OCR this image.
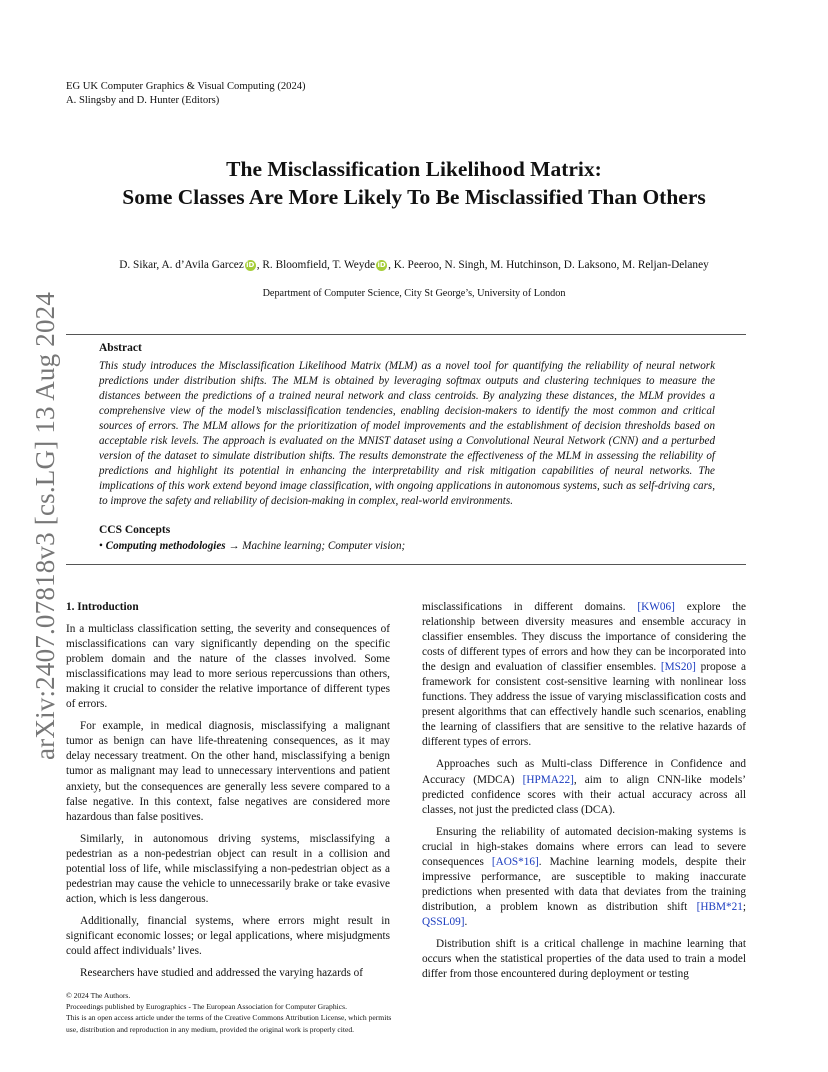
EG UK Computer Graphics & Visual Computing (2024)
A. Slingsby and D. Hunter (Editors)
The Misclassification Likelihood Matrix:
Some Classes Are More Likely To Be Misclassified Than Others
D. Sikar, A. d’Avila Garcez iD , R. Bloomfield, T. Weyde iD , K. Peeroo, N. Singh, M. Hutchinson, D. Laksono, M. Reljan-Delaney
Department of Computer Science, City St George’s, University of London
Abstract
This study introduces the Misclassification Likelihood Matrix (MLM) as a novel tool for quantifying the reliability of neural network predictions under distribution shifts. The MLM is obtained by leveraging softmax outputs and clustering techniques to measure the distances between the predictions of a trained neural network and class centroids. By analyzing these distances, the MLM provides a comprehensive view of the model’s misclassification tendencies, enabling decision-makers to identify the most common and critical sources of errors. The MLM allows for the prioritization of model improvements and the establishment of decision thresholds based on acceptable risk levels. The approach is evaluated on the MNIST dataset using a Convolutional Neural Network (CNN) and a perturbed version of the dataset to simulate distribution shifts. The results demonstrate the effectiveness of the MLM in assessing the reliability of predictions and highlight its potential in enhancing the interpretability and risk mitigation capabilities of neural networks. The implications of this work extend beyond image classification, with ongoing applications in autonomous systems, such as self-driving cars, to improve the safety and reliability of decision-making in complex, real-world environments.
CCS Concepts
• Computing methodologies → Machine learning; Computer vision;
1. Introduction

In a multiclass classification setting, the severity and consequences of misclassifications can vary significantly depending on the specific problem domain and the nature of the classes involved. Some misclassifications may lead to more serious repercussions than others, making it crucial to consider the relative importance of different types of errors.

For example, in medical diagnosis, misclassifying a malignant tumor as benign can have life-threatening consequences, as it may delay necessary treatment. On the other hand, misclassifying a benign tumor as malignant may lead to unnecessary interventions and patient anxiety, but the consequences are generally less severe compared to a false negative. In this context, false negatives are considered more hazardous than false positives.

Similarly, in autonomous driving systems, misclassifying a pedestrian as a non-pedestrian object can result in a collision and potential loss of life, while misclassifying a non-pedestrian object as a pedestrian may cause the vehicle to unnecessarily brake or take evasive action, which is less dangerous.

Additionally, financial systems, where errors might result in significant economic losses; or legal applications, where misjudgments could affect individuals’ lives.

Researchers have studied and addressed the varying hazards of

misclassifications in different domains. [KW06] explore the relationship between diversity measures and ensemble accuracy in classifier ensembles. They discuss the importance of considering the costs of different types of errors and how they can be incorporated into the design and evaluation of classifier ensembles. [MS20] propose a framework for consistent cost-sensitive learning with nonlinear loss functions. They address the issue of varying misclassification costs and present algorithms that can effectively handle such scenarios, enabling the learning of classifiers that are sensitive to the relative hazards of different types of errors.

Approaches such as Multi-class Difference in Confidence and Accuracy (MDCA) [HPMA22], aim to align CNN-like models’ predicted confidence scores with their actual accuracy across all classes, not just the predicted class (DCA).

Ensuring the reliability of automated decision-making systems is crucial in high-stakes domains where errors can lead to severe consequences [AOS*16]. Machine learning models, despite their impressive performance, are susceptible to making inaccurate predictions when presented with data that deviates from the training distribution, a problem known as distribution shift [HBM*21; QSSL09].

Distribution shift is a critical challenge in machine learning that occurs when the statistical properties of the data used to train a model differ from those encountered during deployment or testing

arXiv:2407.07818v3 [cs.LG] 13 Aug 2024
© 2024 The Authors.
Proceedings published by Eurographics - The European Association for Computer Graphics.
This is an open access article under the terms of the Creative Commons Attribution License, which permits use, distribution and reproduction in any medium, provided the original work is properly cited.
